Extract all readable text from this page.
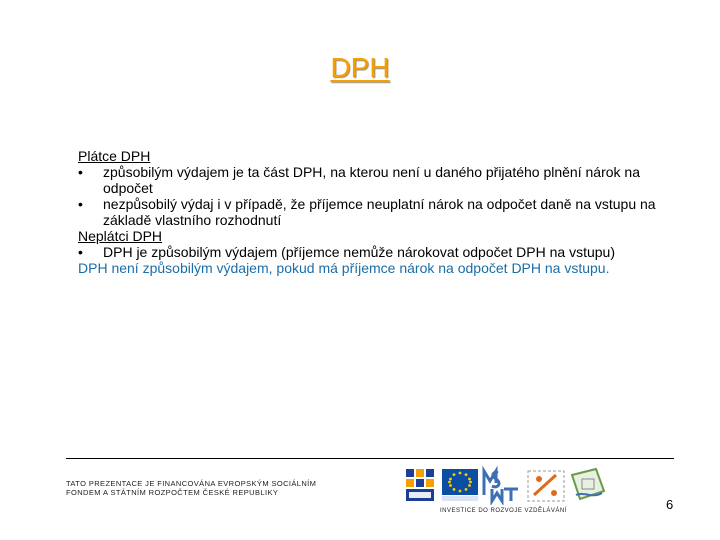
DPH
Plátce DPH
• způsobilým výdajem je ta část DPH, na kterou není u daného přijatého plnění nárok na odpočet
• nezpůsobilý výdaj i v případě, že příjemce neuplatní nárok na odpočet daně na vstupu na základě vlastního rozhodnutí
Neplátci DPH
• DPH je způsobilým výdajem (příjemce nemůže nárokovat odpočet DPH na vstupu)
DPH není způsobilým výdajem, pokud má příjemce nárok na odpočet DPH na vstupu.
TATO PREZENTACE JE FINANCOVÁNA EVROPSKÝM SOCIÁLNÍM
FONDEM A STÁTNÍM ROZPOČTEM ČESKÉ REPUBLIKY
INVESTICE DO ROZVOJE VZDĚLÁVÁNÍ	6
